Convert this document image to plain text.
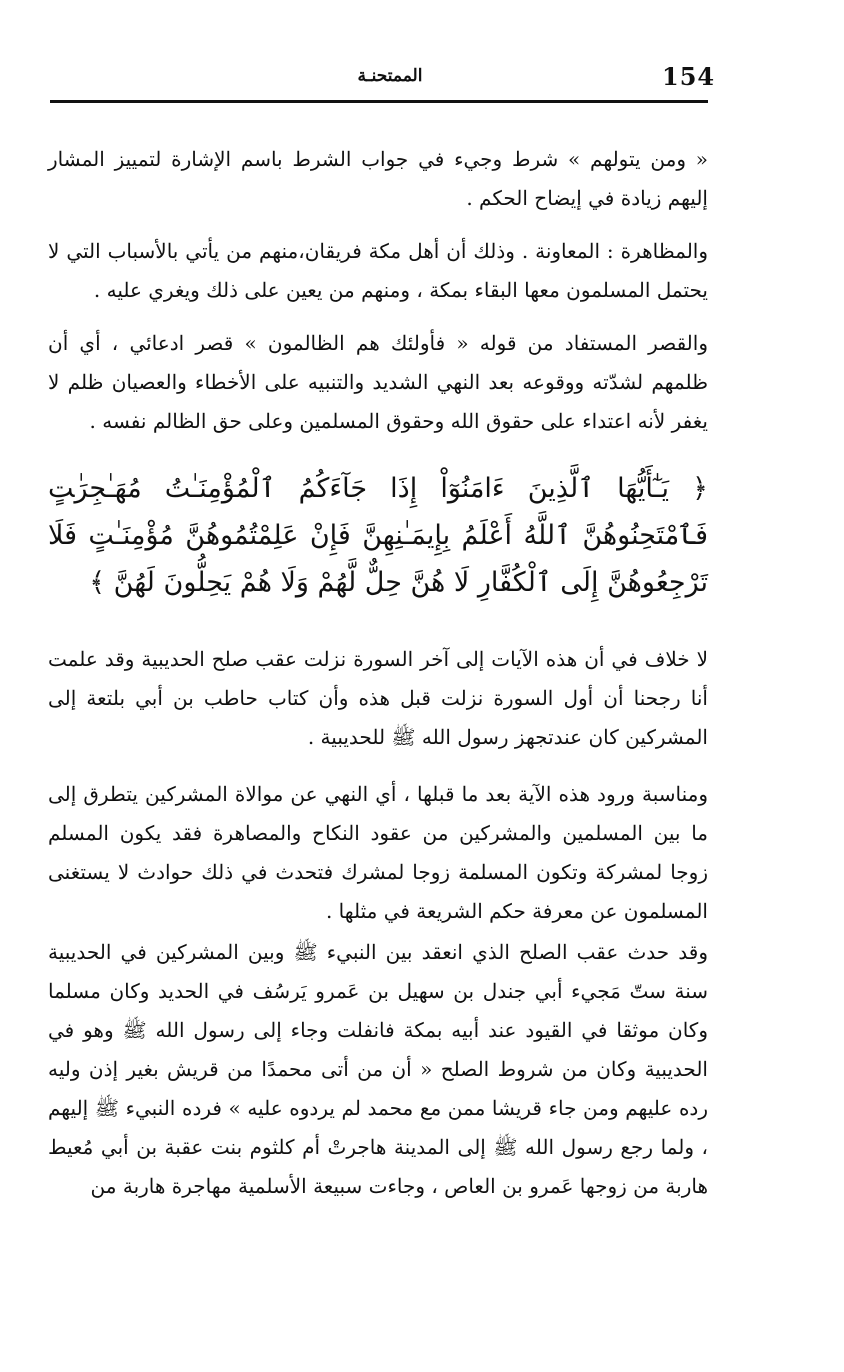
154
الممتحنـة

« ومن يتولهم » شرط وجيء في جواب الشرط باسم الإشارة لتمييز المشار إليهم زيادة في إيضاح الحكم .

والمظاهرة : المعاونة . وذلك أن أهل مكة فريقان،منهم من يأتي بالأسباب التي لا يحتمل المسلمون معها البقاء بمكة ، ومنهم من يعين على ذلك ويغري عليه .

والقصر المستفاد من قوله « فأولئك هم الظالمون » قصر ادعائي ، أي أن ظلمهم لشدّته ووقوعه بعد النهي الشديد والتنبيه على الأخطاء والعصيان ظلم لا يغفر لأنه اعتداء على حقوق الله وحقوق المسلمين وعلى حق الظالم نفسه .

﴿ يَـٰٓأَيُّهَا ٱلَّذِينَ ءَامَنُوٓاْ إِذَا جَآءَكُمُ ٱلْمُؤْمِنَـٰتُ مُهَـٰجِرَ‍ٰتٍ فَٱمْتَحِنُوهُنَّ ٱللَّهُ أَعْلَمُ بِإِيمَـٰنِهِنَّ فَإِنْ عَلِمْتُمُوهُنَّ مُؤْمِنَـٰتٍ فَلَا تَرْجِعُوهُنَّ إِلَى ٱلْكُفَّارِ لَا هُنَّ حِلٌّ لَّهُمْ وَلَا هُمْ يَحِلُّونَ لَهُنَّ ﴾

لا خلاف في أن هذه الآيات إلى آخر السورة نزلت عقب صلح الحديبية وقد علمت أنا رجحنا أن أول السورة نزلت قبل هذه وأن كتاب حاطب بن أبي بلتعة إلى المشركين كان عندتجهز رسول الله ﷺ للحديبية .

ومناسبة ورود هذه الآية بعد ما قبلها ، أي النهي عن موالاة المشركين يتطرق إلى ما بين المسلمين والمشركين من عقود النكاح والمصاهرة فقد يكون المسلم زوجا لمشركة وتكون المسلمة زوجا لمشرك فتحدث في ذلك حوادث لا يستغنى المسلمون عن معرفة حكم الشريعة في مثلها .

وقد حدث عقب الصلح الذي انعقد بين النبيء ﷺ وبين المشركين في الحديبية سنة ستّ مَجيء أبي جندل بن سهيل بن عَمرو يَرسُف في الحديد وكان مسلما وكان موثقا في القيود عند أبيه بمكة فانفلت وجاء إلى رسول الله ﷺ وهو في الحديبية وكان من شروط الصلح « أن من أتى محمدًا من قريش بغير إذن وليه رده عليهم ومن جاء قريشا ممن مع محمد لم يردوه عليه » فرده النبيء ﷺ إليهم ، ولما رجع رسول الله ﷺ إلى المدينة هاجرتْ أم كلثوم بنت عقبة بن أبي مُعيط هاربة من زوجها عَمرو بن العاص ، وجاءت سبيعة الأسلمية مهاجرة هاربة من
